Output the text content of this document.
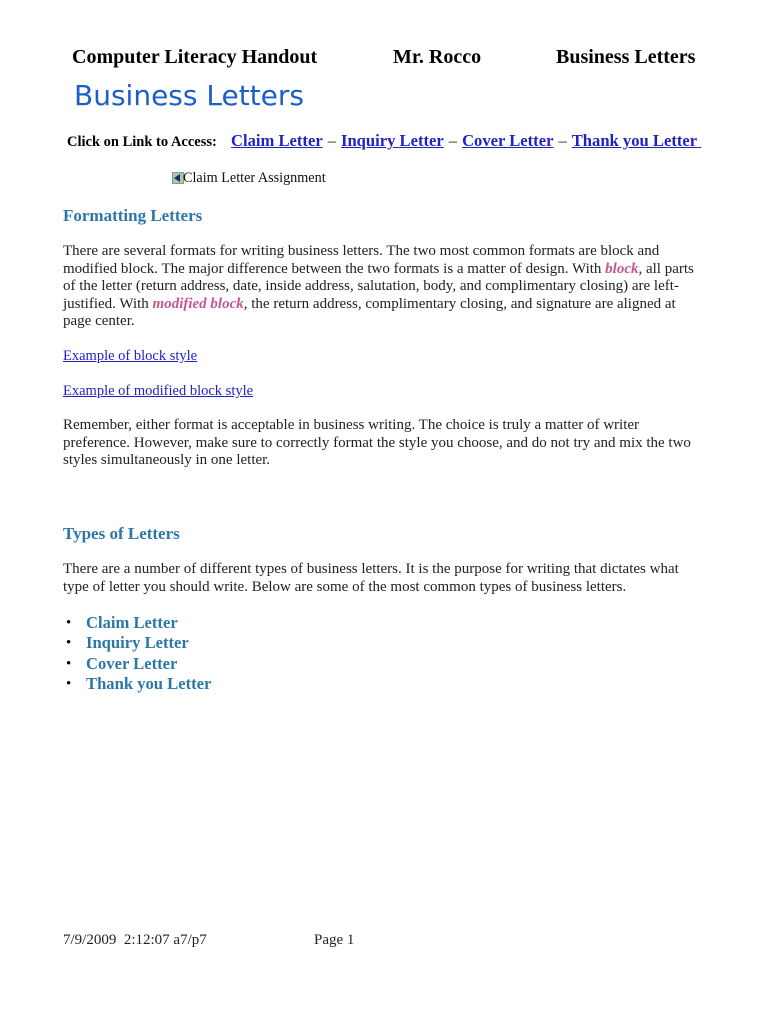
Computer Literacy Handout	Mr. Rocco	Business Letters
Business Letters
Click on Link to Access: Claim Letter – Inquiry Letter – Cover Letter – Thank you Letter
Claim Letter Assignment
Formatting Letters
There are several formats for writing business letters. The two most common formats are block and
modified block. The major difference between the two formats is a matter of design. With block, all parts
of the letter (return address, date, inside address, salutation, body, and complimentary closing) are left-
justified. With modified block, the return address, complimentary closing, and signature are aligned at
page center.
Example of block style
Example of modified block style
Remember, either format is acceptable in business writing. The choice is truly a matter of writer
preference. However, make sure to correctly format the style you choose, and do not try and mix the two
styles simultaneously in one letter.
Types of Letters
There are a number of different types of business letters. It is the purpose for writing that dictates what
type of letter you should write. Below are some of the most common types of business letters.
• Claim Letter
• Inquiry Letter
• Cover Letter
• Thank you Letter
7/9/2009  2:12:07 a7/p7	Page 1
